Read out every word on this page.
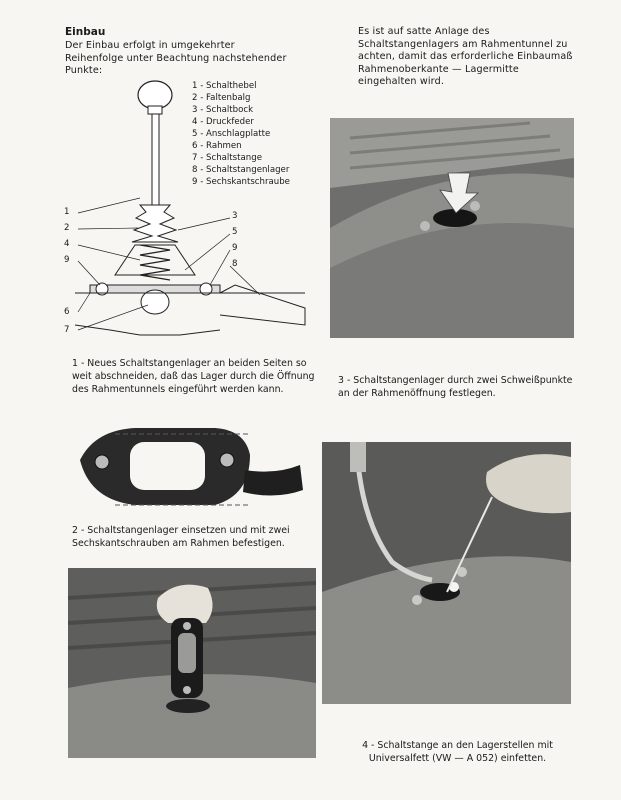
Einbau
Der Einbau erfolgt in umgekehrter Reihenfolge unter Beachtung nachstehender Punkte:
Es ist auf satte Anlage des Schaltstangenlagers am Rahmentunnel zu achten, damit das erforderliche Einbaumaß Rahmenoberkante — Lagermitte eingehalten wird.
1
2
4
9
6
7
3
5
9
8
1 - Schalthebel
2 - Faltenbalg
3 - Schaltbock
4 - Druckfeder
5 - Anschlagplatte
6 - Rahmen
7 - Schaltstange
8 - Schaltstangenlager
9 - Sechskantschraube
1 - Neues Schaltstangenlager an beiden Seiten so weit abschneiden, daß das Lager durch die Öffnung des Rahmentunnels eingeführt werden kann.
3 - Schaltstangenlager durch zwei Schweißpunkte an der Rahmenöffnung festlegen.
2 - Schaltstangenlager einsetzen und mit zwei Sechskantschrauben am Rahmen befestigen.
4 - Schaltstange an den Lagerstellen mit Universalfett (VW — A 052) einfetten.
